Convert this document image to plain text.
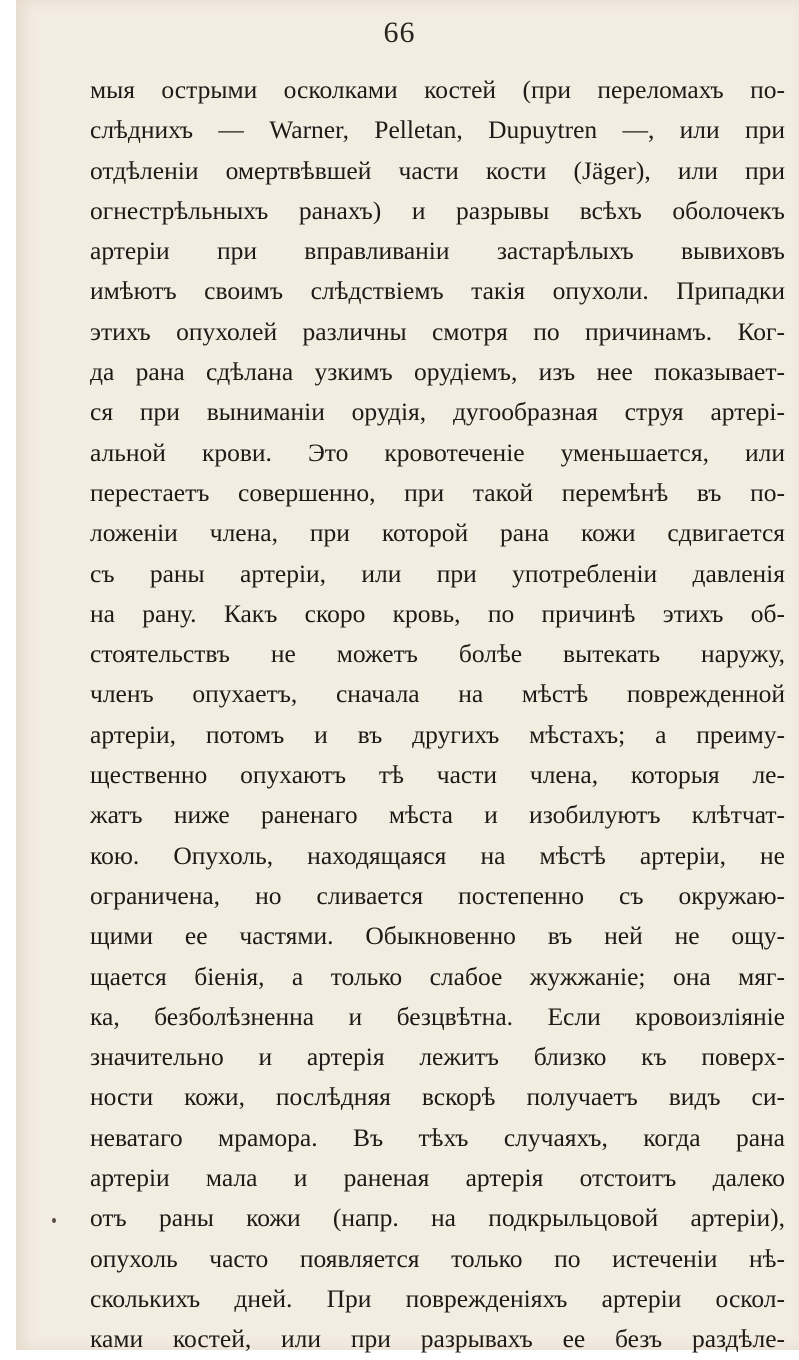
66
мыя острыми осколками костей (при переломахъ по-
слѣднихъ — Warner, Pelletan, Dupuytren —, или при
отдѣленіи омертвѣвшей части кости (Jäger), или при
огнестрѣльныхъ ранахъ) и разрывы всѣхъ оболочекъ
артеріи при вправливаніи застарѣлыхъ вывиховъ
имѣютъ своимъ слѣдствіемъ такія опухоли. Припадки
этихъ опухолей различны смотря по причинамъ. Ког-
да рана сдѣлана узкимъ орудіемъ, изъ нее показывает-
ся при выниманіи орудія, дугообразная струя артері-
альной крови. Это кровотеченіе уменьшается, или
перестаетъ совершенно, при такой перемѣнѣ въ по-
ложеніи члена, при которой рана кожи сдвигается
съ раны артеріи, или при употребленіи давленія
на рану. Какъ скоро кровь, по причинѣ этихъ об-
стоятельствъ не можетъ болѣе вытекать наружу,
членъ опухаетъ, сначала на мѣстѣ поврежденной
артеріи, потомъ и въ другихъ мѣстахъ; а преиму-
щественно опухаютъ тѣ части члена, которыя ле-
жатъ ниже раненаго мѣста и изобилуютъ клѣтчат-
кою. Опухоль, находящаяся на мѣстѣ артеріи, не
ограничена, но сливается постепенно съ окружаю-
щими ее частями. Обыкновенно въ ней не ощу-
щается біенія, а только слабое жужжаніе; она мяг-
ка, безболѣзненна и безцвѣтна. Если кровоизліяніе
значительно и артерія лежитъ близко къ поверх-
ности кожи, послѣдняя вскорѣ получаетъ видъ си-
неватаго мрамора. Въ тѣхъ случаяхъ, когда рана
артеріи мала и раненая артерія отстоитъ далеко
отъ раны кожи (напр. на подкрыльцовой артеріи),
опухоль часто появляется только по истеченіи нѣ-
сколькихъ дней. При поврежденіяхъ артеріи оскол-
ками костей, или при разрывахъ ее безъ раздѣле-
